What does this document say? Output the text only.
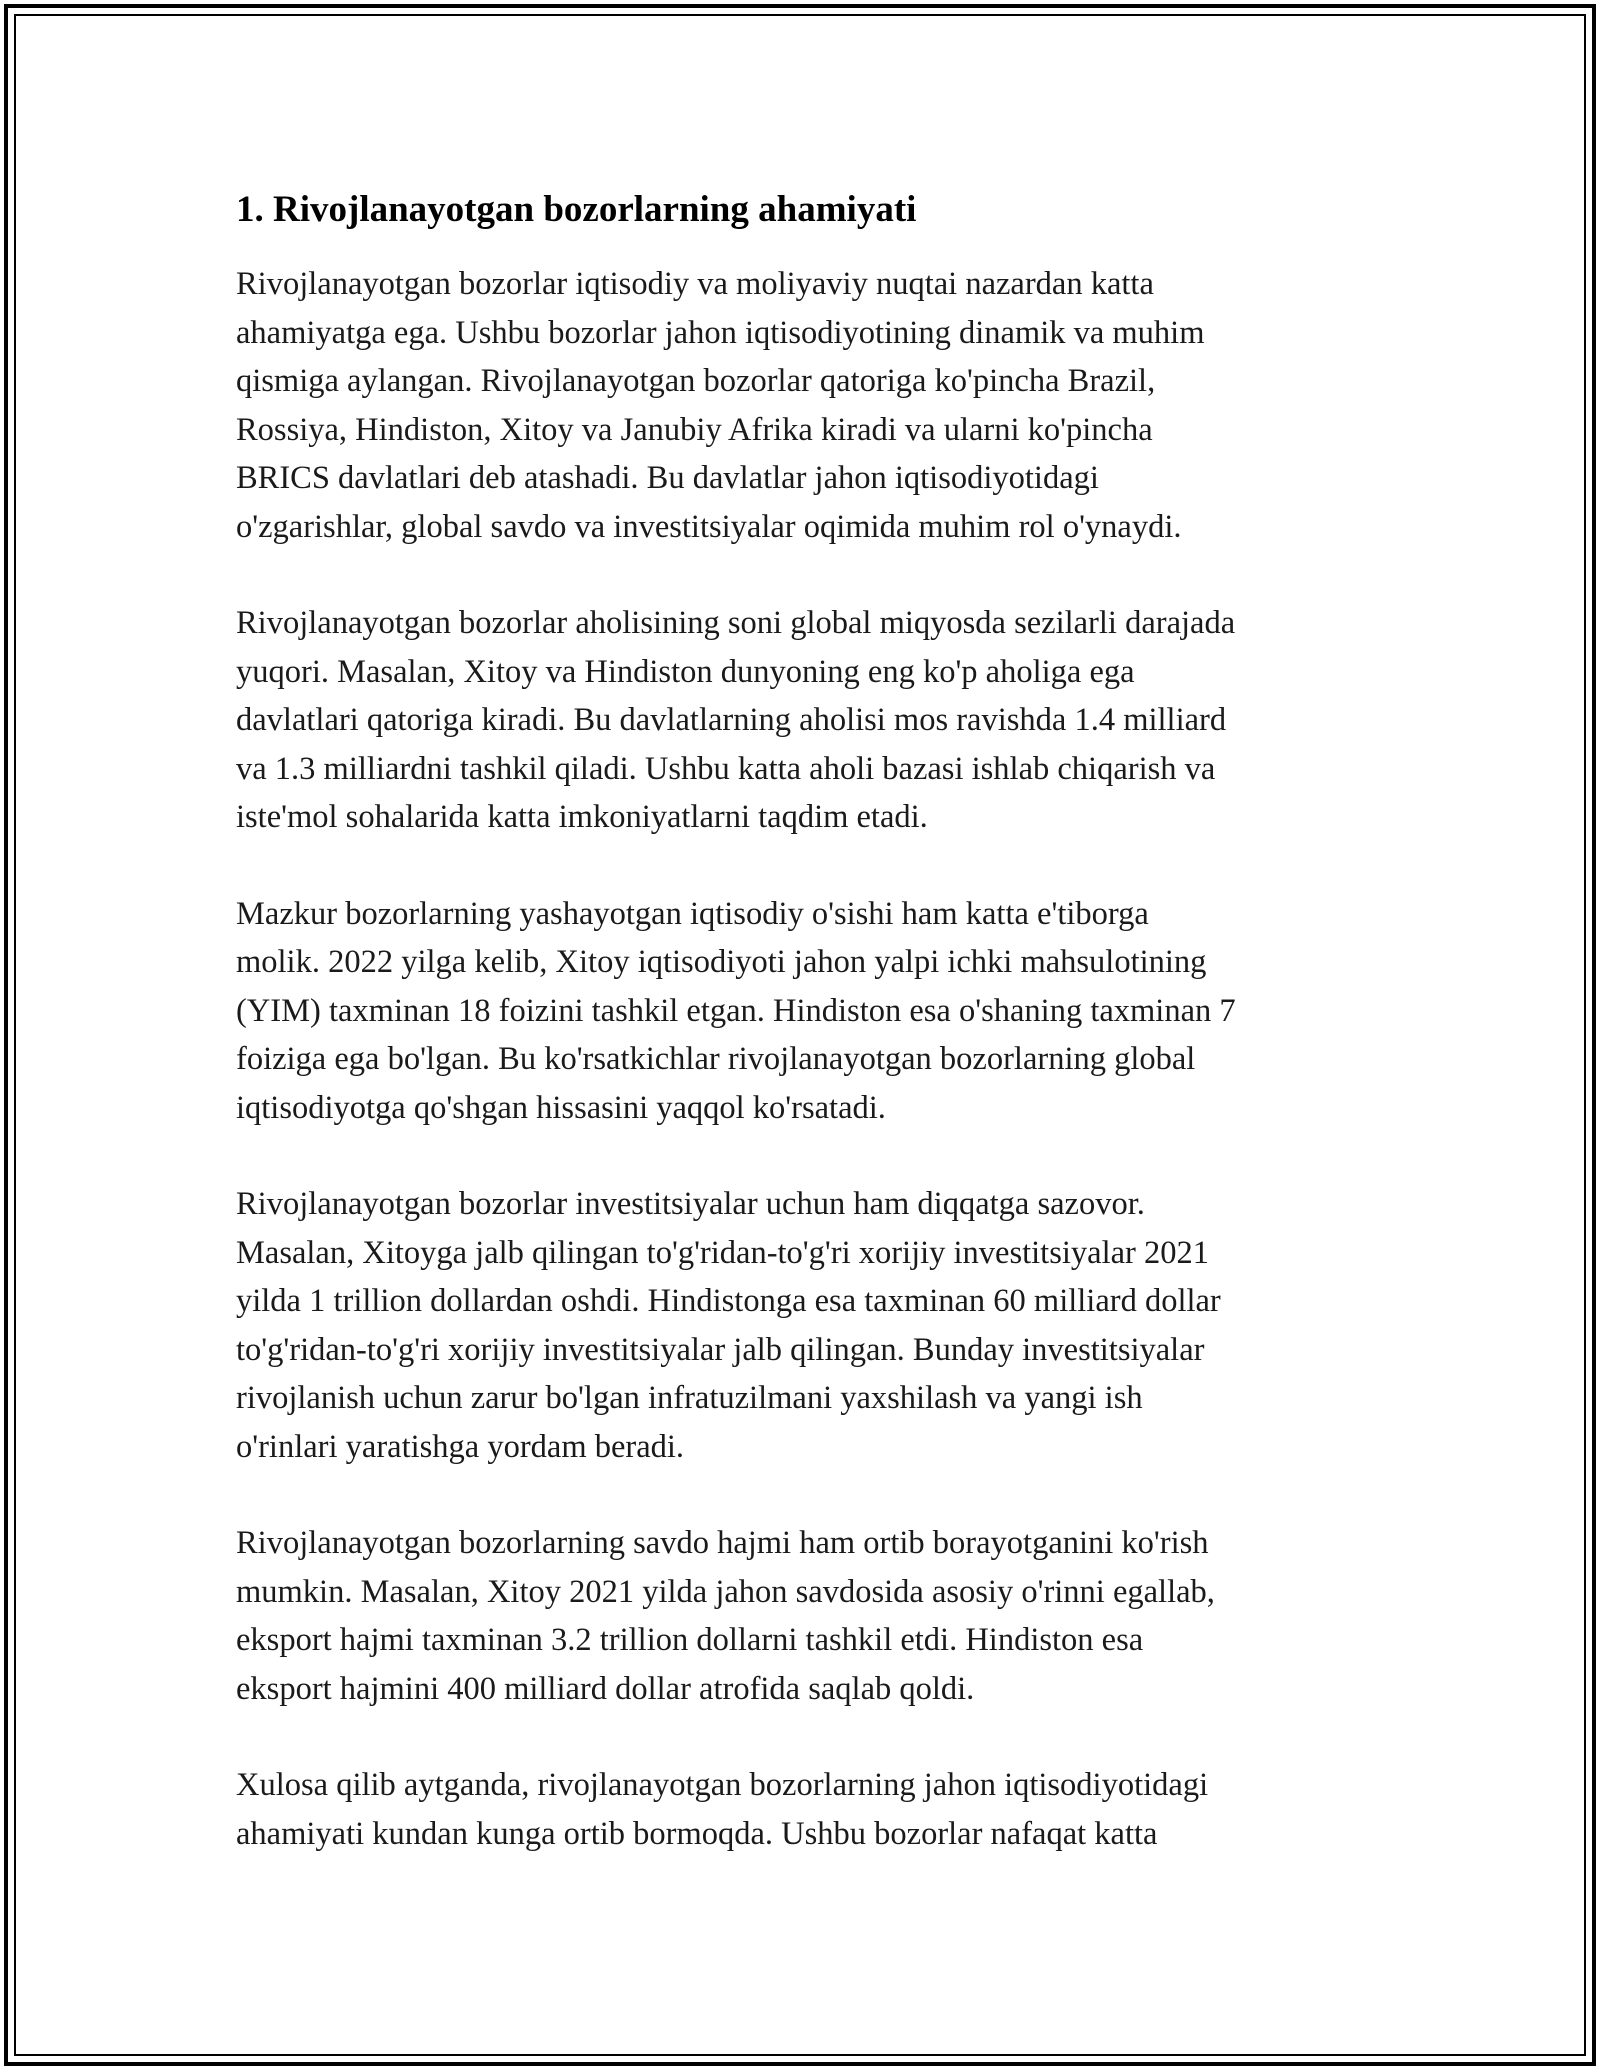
1. Rivojlanayotgan bozorlarning ahamiyati

Rivojlanayotgan bozorlar iqtisodiy va moliyaviy nuqtai nazardan katta
ahamiyatga ega. Ushbu bozorlar jahon iqtisodiyotining dinamik va muhim
qismiga aylangan. Rivojlanayotgan bozorlar qatoriga ko'pincha Brazil,
Rossiya, Hindiston, Xitoy va Janubiy Afrika kiradi va ularni ko'pincha
BRICS davlatlari deb atashadi. Bu davlatlar jahon iqtisodiyotidagi
o'zgarishlar, global savdo va investitsiyalar oqimida muhim rol o'ynaydi.

Rivojlanayotgan bozorlar aholisining soni global miqyosda sezilarli darajada
yuqori. Masalan, Xitoy va Hindiston dunyoning eng ko'p aholiga ega
davlatlari qatoriga kiradi. Bu davlatlarning aholisi mos ravishda 1.4 milliard
va 1.3 milliardni tashkil qiladi. Ushbu katta aholi bazasi ishlab chiqarish va
iste'mol sohalarida katta imkoniyatlarni taqdim etadi.

Mazkur bozorlarning yashayotgan iqtisodiy o'sishi ham katta e'tiborga
molik. 2022 yilga kelib, Xitoy iqtisodiyoti jahon yalpi ichki mahsulotining
(YIM) taxminan 18 foizini tashkil etgan. Hindiston esa o'shaning taxminan 7
foiziga ega bo'lgan. Bu ko'rsatkichlar rivojlanayotgan bozorlarning global
iqtisodiyotga qo'shgan hissasini yaqqol ko'rsatadi.

Rivojlanayotgan bozorlar investitsiyalar uchun ham diqqatga sazovor.
Masalan, Xitoyga jalb qilingan to'g'ridan-to'g'ri xorijiy investitsiyalar 2021
yilda 1 trillion dollardan oshdi. Hindistonga esa taxminan 60 milliard dollar
to'g'ridan-to'g'ri xorijiy investitsiyalar jalb qilingan. Bunday investitsiyalar
rivojlanish uchun zarur bo'lgan infratuzilmani yaxshilash va yangi ish
o'rinlari yaratishga yordam beradi.

Rivojlanayotgan bozorlarning savdo hajmi ham ortib borayotganini ko'rish
mumkin. Masalan, Xitoy 2021 yilda jahon savdosida asosiy o'rinni egallab,
eksport hajmi taxminan 3.2 trillion dollarni tashkil etdi. Hindiston esa
eksport hajmini 400 milliard dollar atrofida saqlab qoldi.

Xulosa qilib aytganda, rivojlanayotgan bozorlarning jahon iqtisodiyotidagi
ahamiyati kundan kunga ortib bormoqda. Ushbu bozorlar nafaqat katta
